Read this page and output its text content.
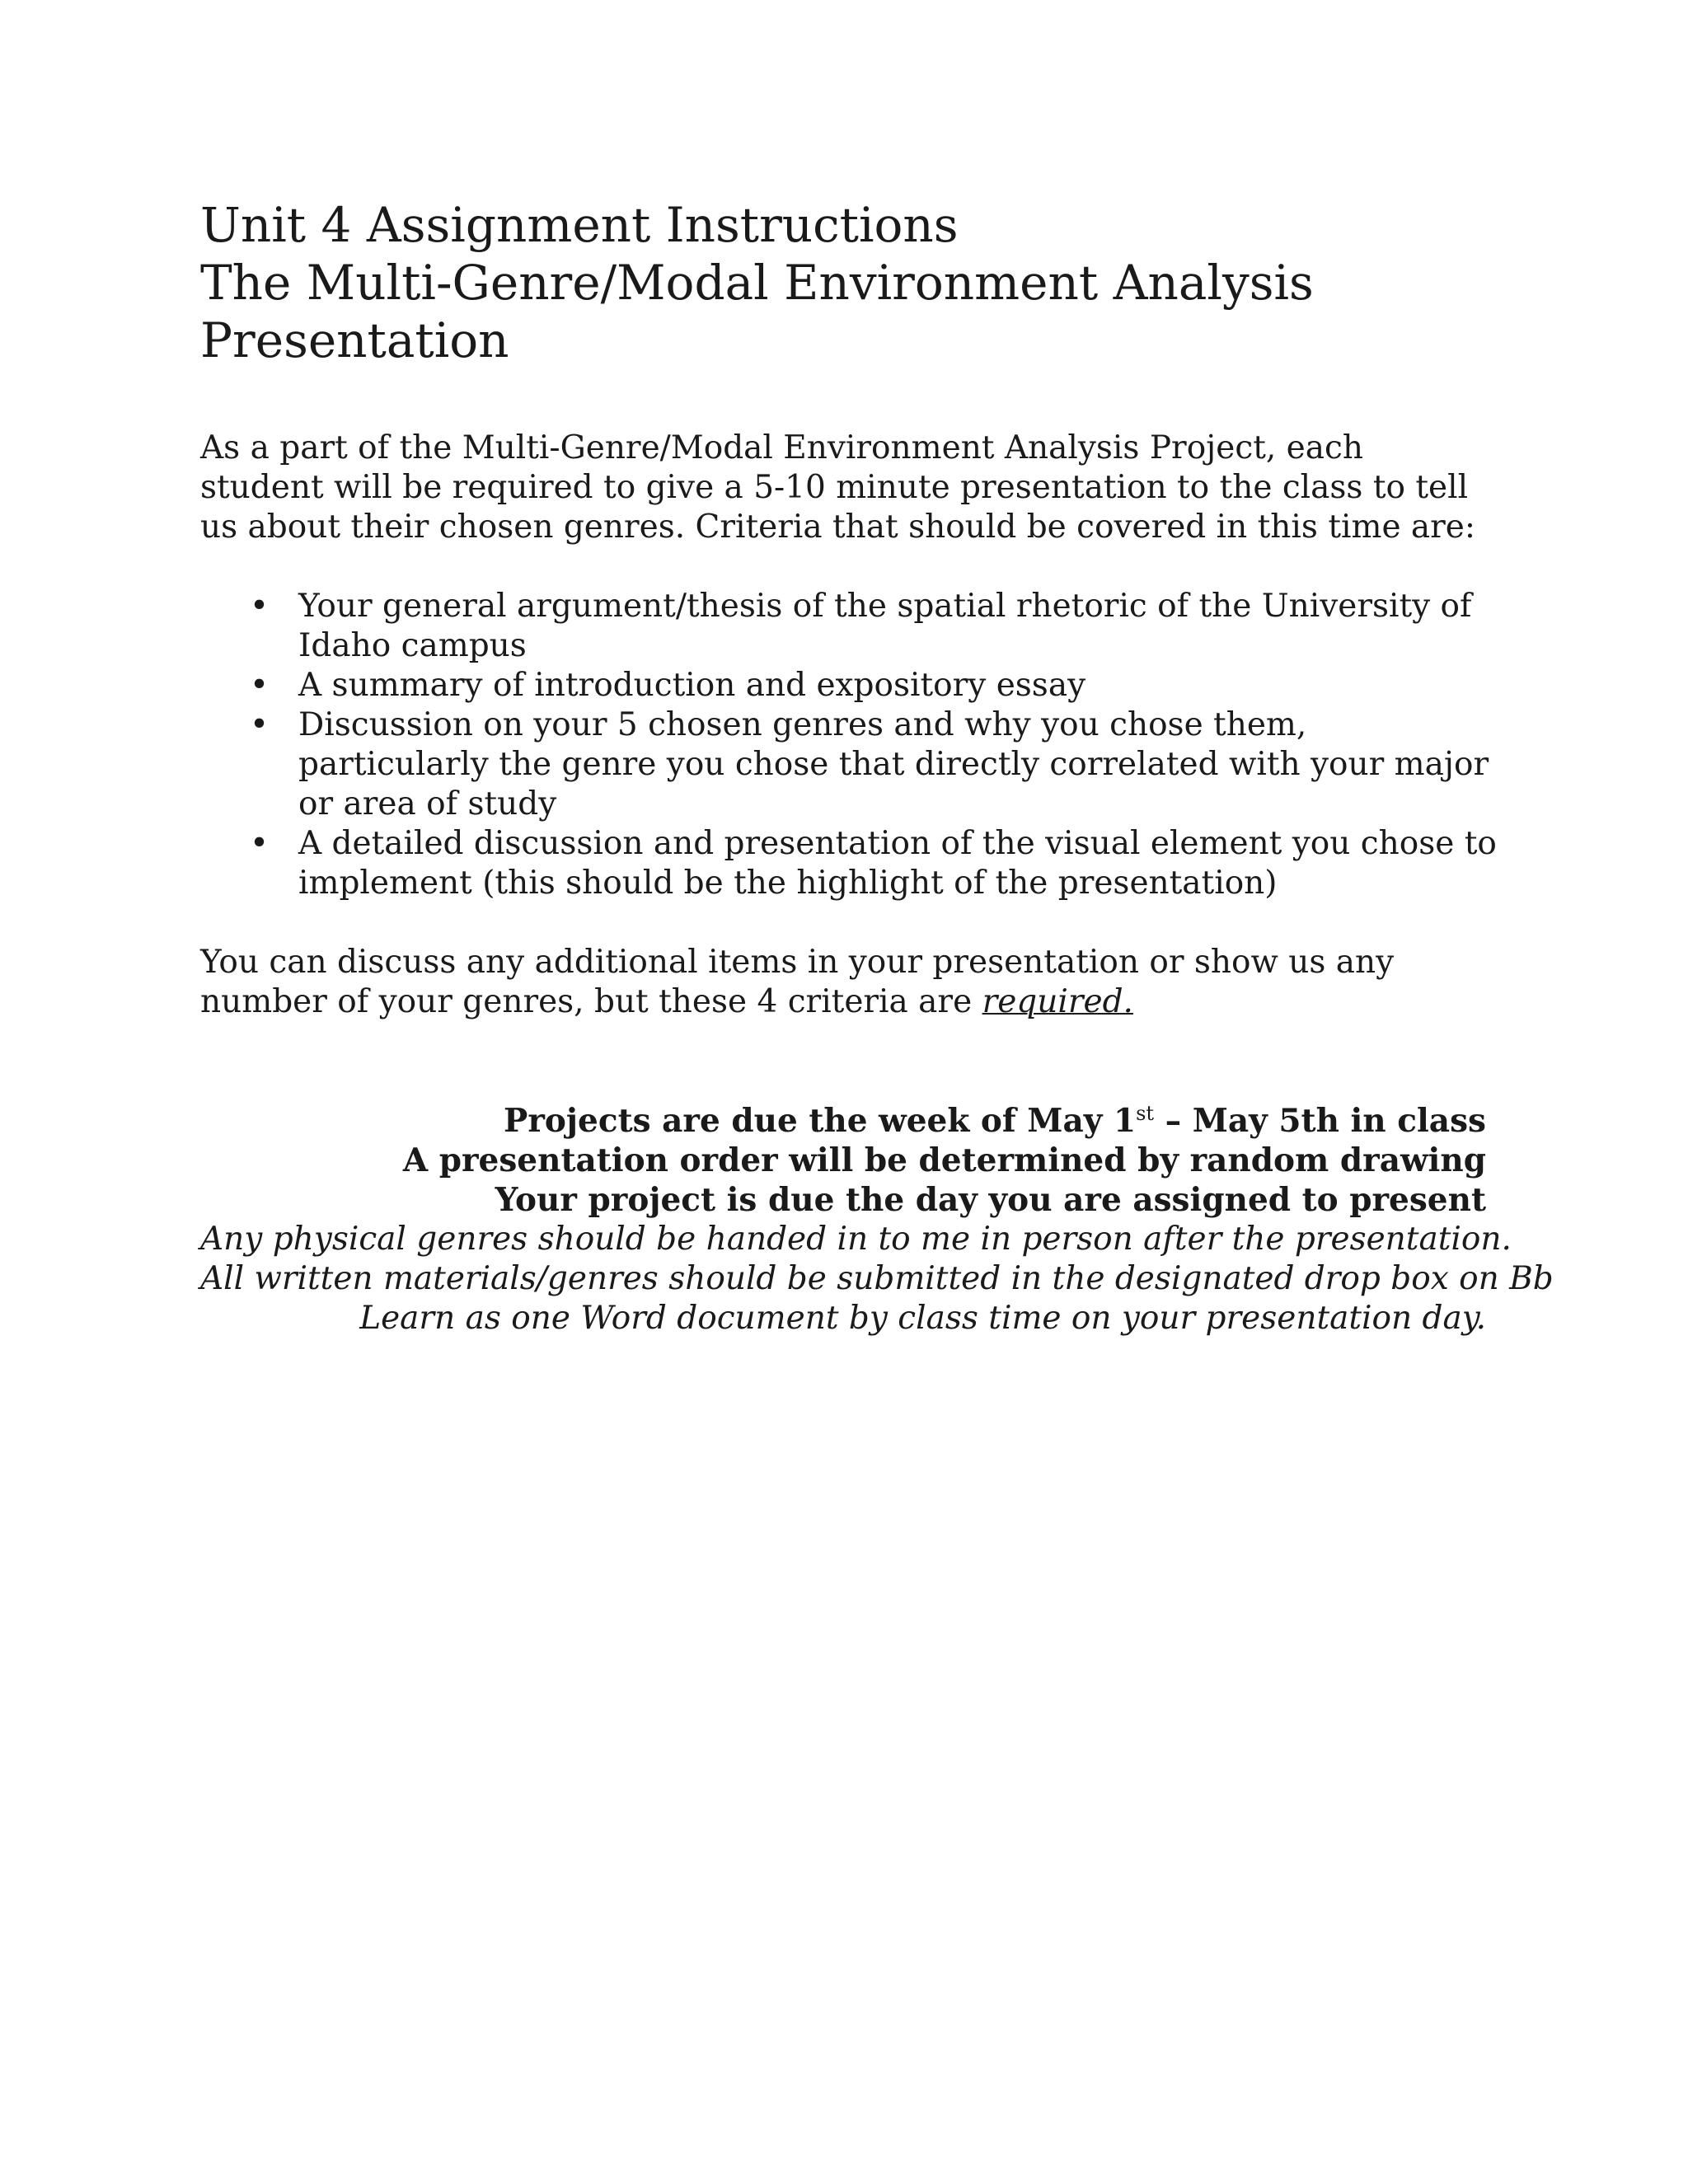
Unit 4 Assignment Instructions
The Multi-Genre/Modal Environment Analysis
Presentation

As a part of the Multi-Genre/Modal Environment Analysis Project, each student will be required to give a 5-10 minute presentation to the class to tell us about their chosen genres. Criteria that should be covered in this time are:

• Your general argument/thesis of the spatial rhetoric of the University of Idaho campus
• A summary of introduction and expository essay
• Discussion on your 5 chosen genres and why you chose them, particularly the genre you chose that directly correlated with your major or area of study
• A detailed discussion and presentation of the visual element you chose to implement (this should be the highlight of the presentation)

You can discuss any additional items in your presentation or show us any number of your genres, but these 4 criteria are required.

Projects are due the week of May 1st – May 5th in class
A presentation order will be determined by random drawing
Your project is due the day you are assigned to present
Any physical genres should be handed in to me in person after the presentation.
All written materials/genres should be submitted in the designated drop box on Bb
Learn as one Word document by class time on your presentation day.
